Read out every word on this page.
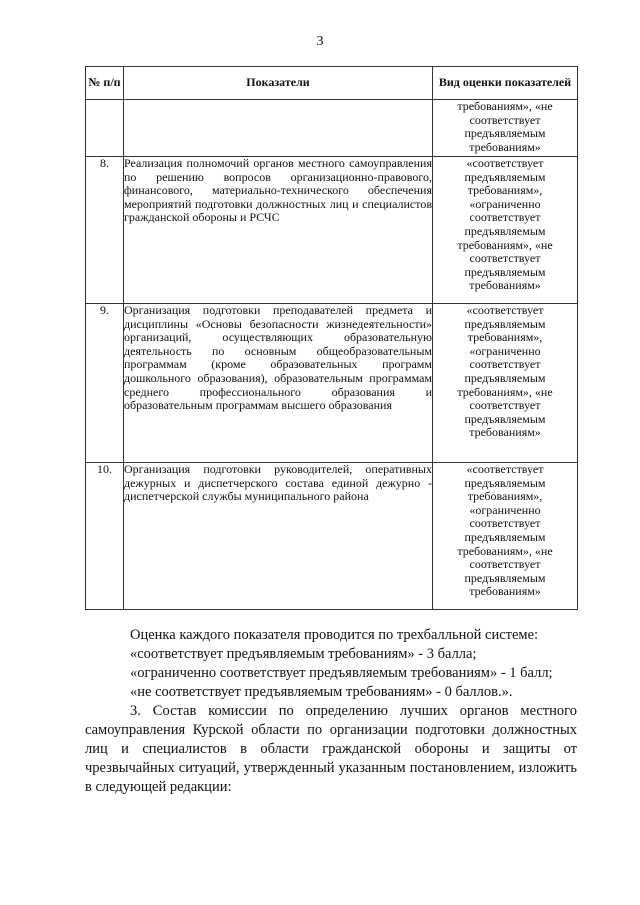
3
№ п/п	Показатели	Вид оценки показателей
		требованиям», «не соответствует предъявляемым требованиям»
8.	Реализация полномочий органов местного самоуправления по решению вопросов организационно-правового, финансового, материально-технического обеспечения мероприятий подготовки должностных лиц и специалистов гражданской обороны и РСЧС	«соответствует предъявляемым требованиям», «ограниченно соответствует предъявляемым требованиям», «не соответствует предъявляемым требованиям»
9.	Организация подготовки преподавателей предмета и дисциплины «Основы безопасности жизнедеятельности» организаций, осуществляющих образовательную деятельность по основным общеобразовательным программам (кроме образовательных программ дошкольного образования), образовательным программам среднего профессионального образования и образовательным программам высшего образования	«соответствует предъявляемым требованиям», «ограниченно соответствует предъявляемым требованиям», «не соответствует предъявляемым требованиям»
10.	Организация подготовки руководителей, оперативных дежурных и диспетчерского состава единой дежурно - диспетчерской службы муниципального района	«соответствует предъявляемым требованиям», «ограниченно соответствует предъявляемым требованиям», «не соответствует предъявляемым требованиям»

Оценка каждого показателя проводится по трехбалльной системе:

«соответствует предъявляемым требованиям» - 3 балла;

«ограниченно соответствует предъявляемым требованиям» - 1 балл;

«не соответствует предъявляемым требованиям» - 0 баллов.».

3. Состав комиссии по определению лучших органов местного самоуправления Курской области по организации подготовки должностных лиц и специалистов в области гражданской обороны и защиты от чрезвычайных ситуаций, утвержденный указанным постановлением, изложить в следующей редакции:
